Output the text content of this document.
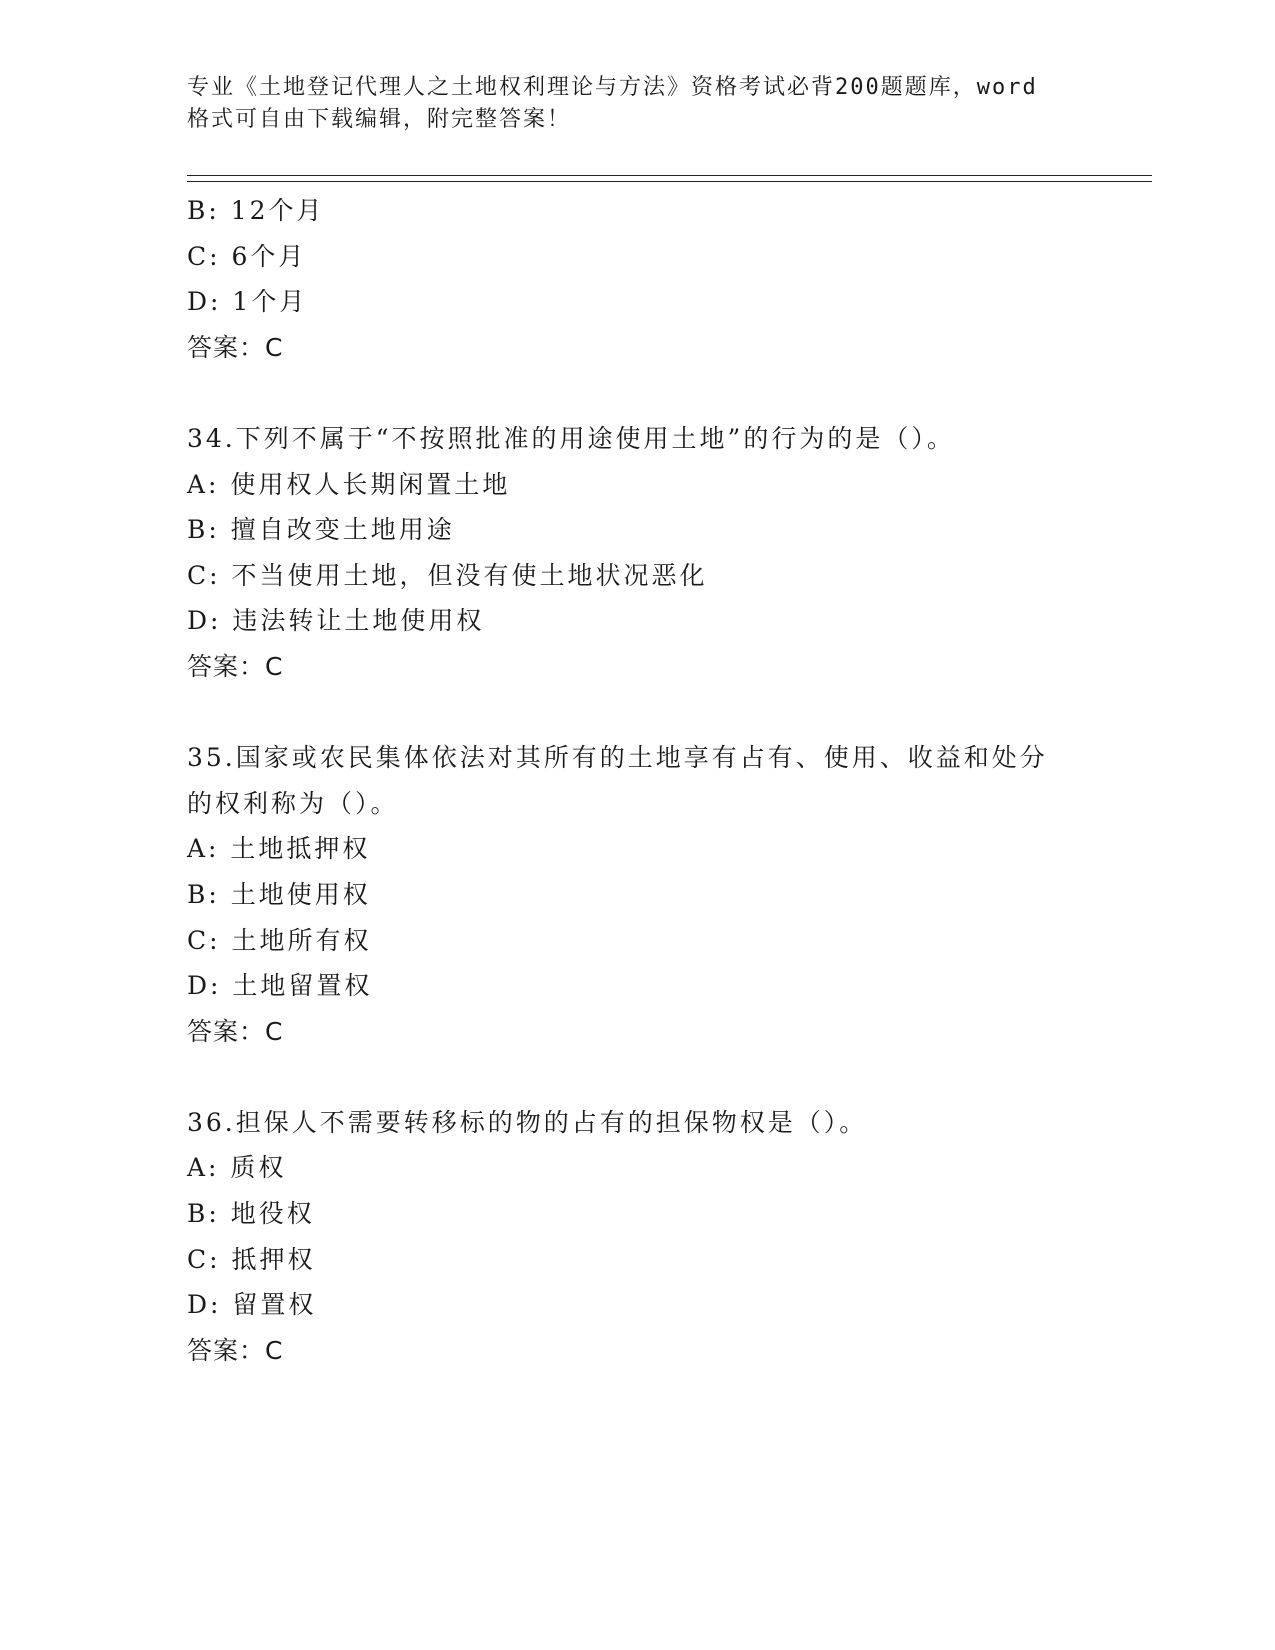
专业《土地登记代理人之土地权利理论与方法》资格考试必背200题题库，word
格式可自由下载编辑，附完整答案！
B: 12个月
C: 6个月
D: 1个月
答案：C
34.下列不属于“不按照批准的用途使用土地”的行为的是（）。
A: 使用权人长期闲置土地
B: 擅自改变土地用途
C: 不当使用土地，但没有使土地状况恶化
D: 违法转让土地使用权
答案：C
35.国家或农民集体依法对其所有的土地享有占有、使用、收益和处分
的权利称为（）。
A: 土地抵押权
B: 土地使用权
C: 土地所有权
D: 土地留置权
答案：C
36.担保人不需要转移标的物的占有的担保物权是（）。
A: 质权
B: 地役权
C: 抵押权
D: 留置权
答案：C
